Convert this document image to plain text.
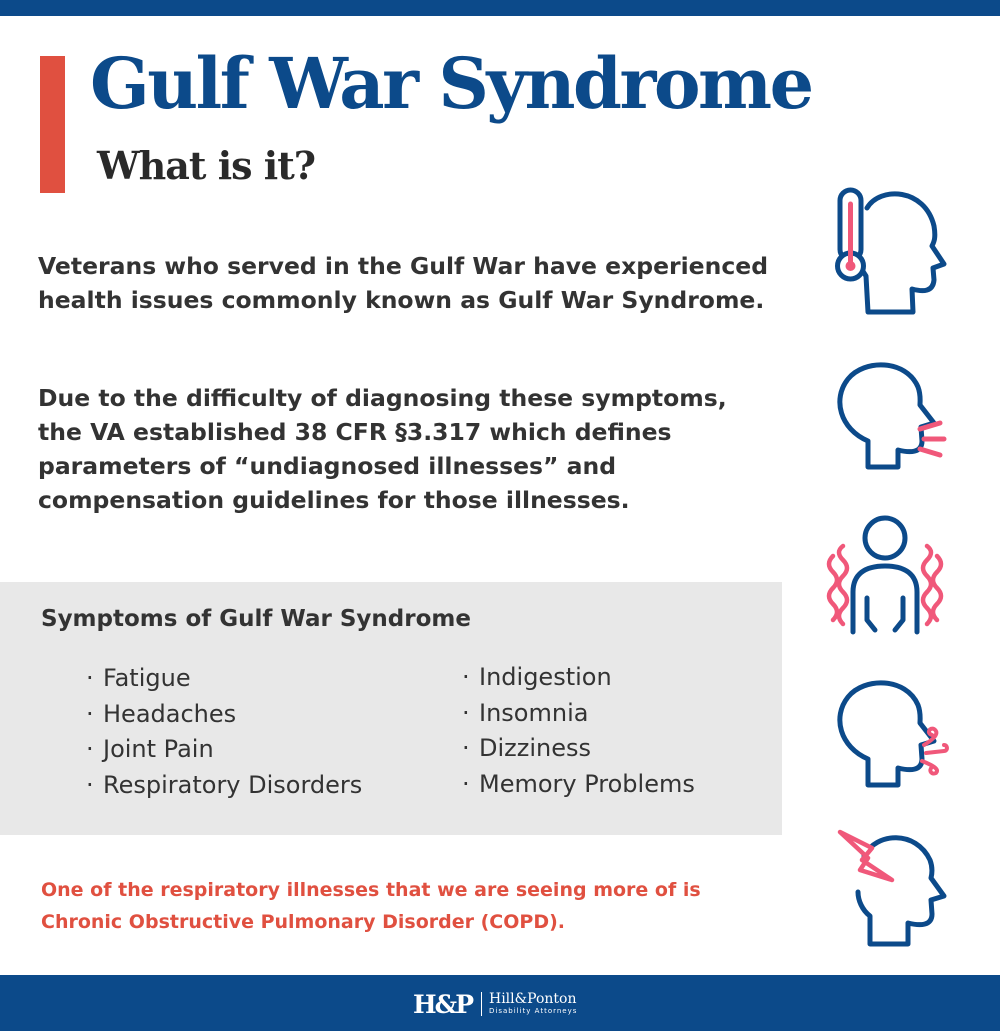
Gulf War Syndrome
What is it?

Veterans who served in the Gulf War have experienced health issues commonly known as Gulf War Syndrome.

Due to the difficulty of diagnosing these symptoms, the VA established 38 CFR §3.317 which defines parameters of “undiagnosed illnesses” and compensation guidelines for those illnesses.

Symptoms of Gulf War Syndrome
· Fatigue
· Headaches
· Joint Pain
· Respiratory Disorders
· Indigestion
· Insomnia
· Dizziness
· Memory Problems

One of the respiratory illnesses that we are seeing more of is Chronic Obstructive Pulmonary Disorder (COPD).

H&P Hill&Ponton
Disability Attorneys
